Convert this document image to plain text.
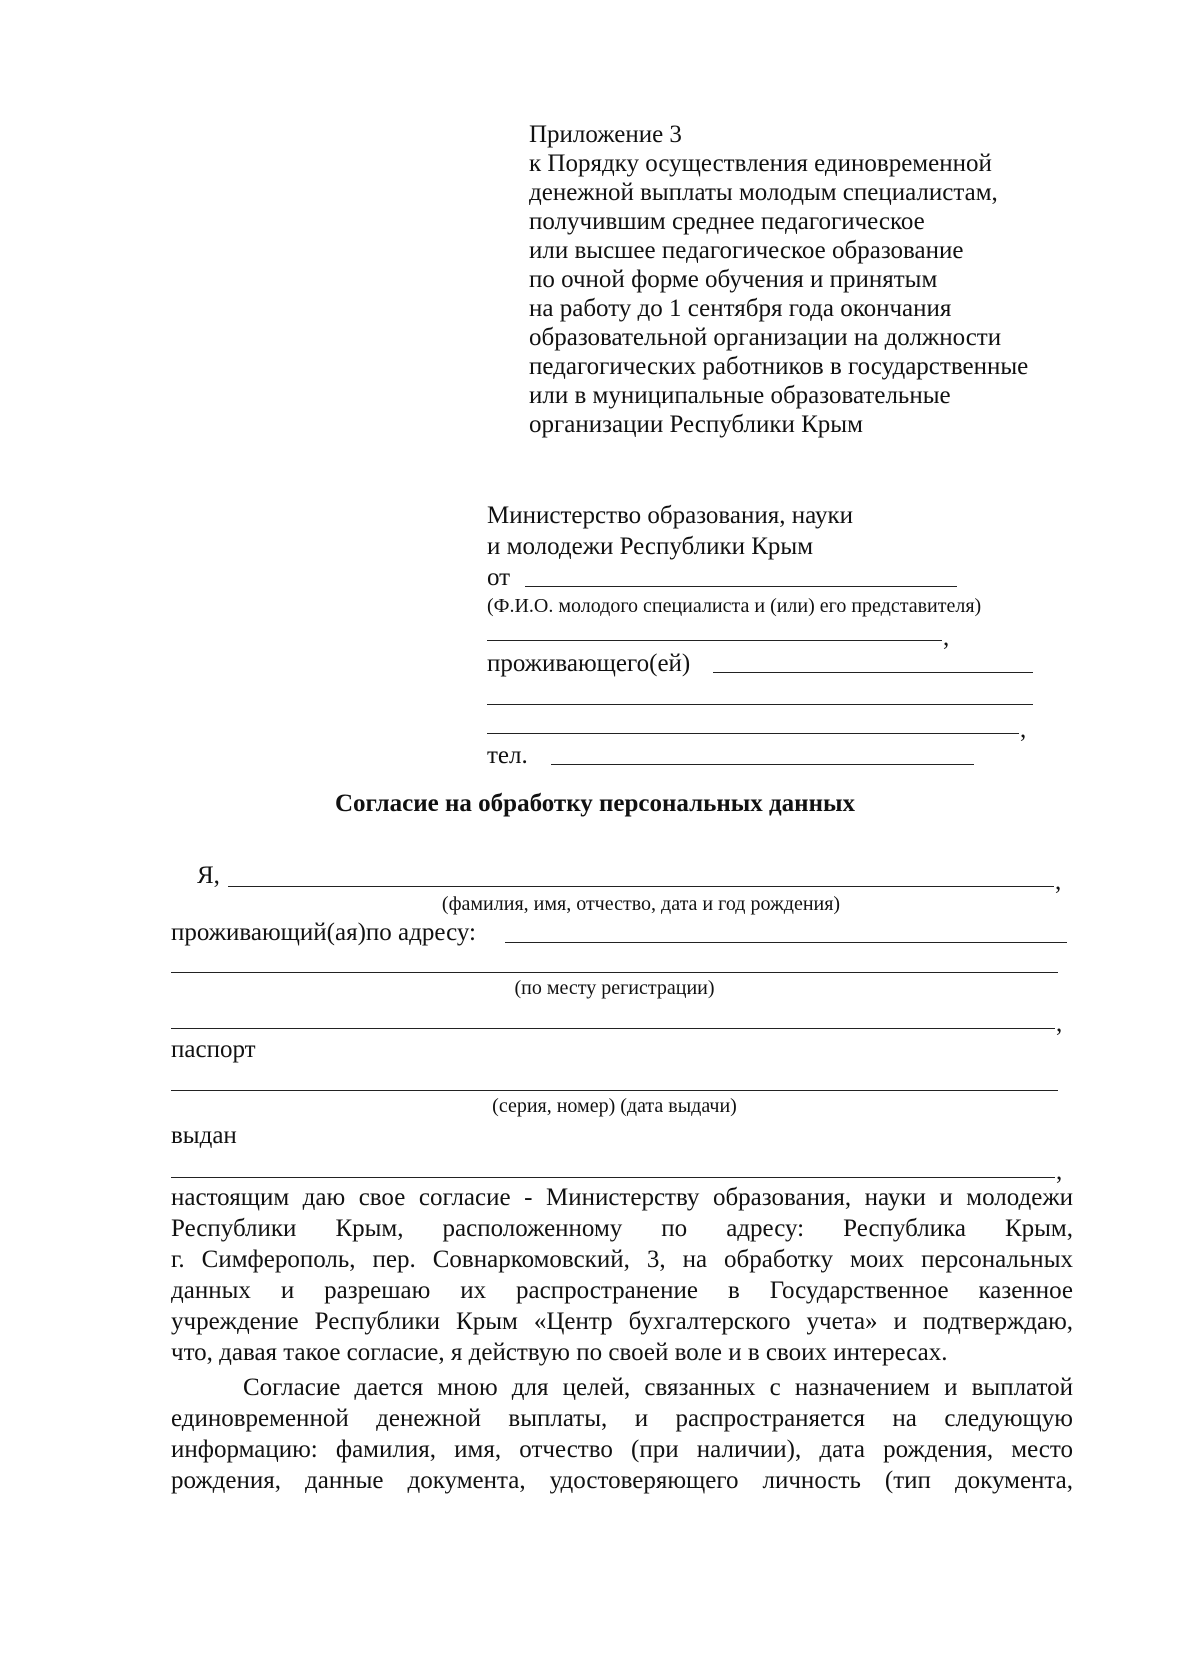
Приложение 3
к Порядку осуществления единовременной
денежной выплаты молодым специалистам,
получившим среднее педагогическое
или высшее педагогическое образование
по очной форме обучения и принятым
на работу до 1 сентября года окончания
образовательной организации на должности
педагогических работников в государственные
или в муниципальные образовательные
организации Республики Крым
Министерство образования, науки
и молодежи Республики Крым
от
(Ф.И.О. молодого специалиста и (или) его представителя)
,
проживающего(ей)
,
тел.
Согласие на обработку персональных данных
Я,	,
(фамилия, имя, отчество, дата и год рождения)
проживающий(ая)по адресу:
(по месту регистрации)
,
паспорт
(серия, номер) (дата выдачи)
выдан
,
настоящим даю свое согласие - Министерству образования, науки и молодежи
Республики Крым, расположенному по адресу: Республика Крым,
г. Симферополь, пер. Совнаркомовский, 3, на обработку моих персональных
данных и разрешаю их распространение в Государственное казенное
учреждение Республики Крым «Центр бухгалтерского учета» и подтверждаю,
что, давая такое согласие, я действую по своей воле и в своих интересах.
Согласие дается мною для целей, связанных с назначением и выплатой
единовременной денежной выплаты, и распространяется на следующую
информацию: фамилия, имя, отчество (при наличии), дата рождения, место
рождения, данные документа, удостоверяющего личность (тип документа,
